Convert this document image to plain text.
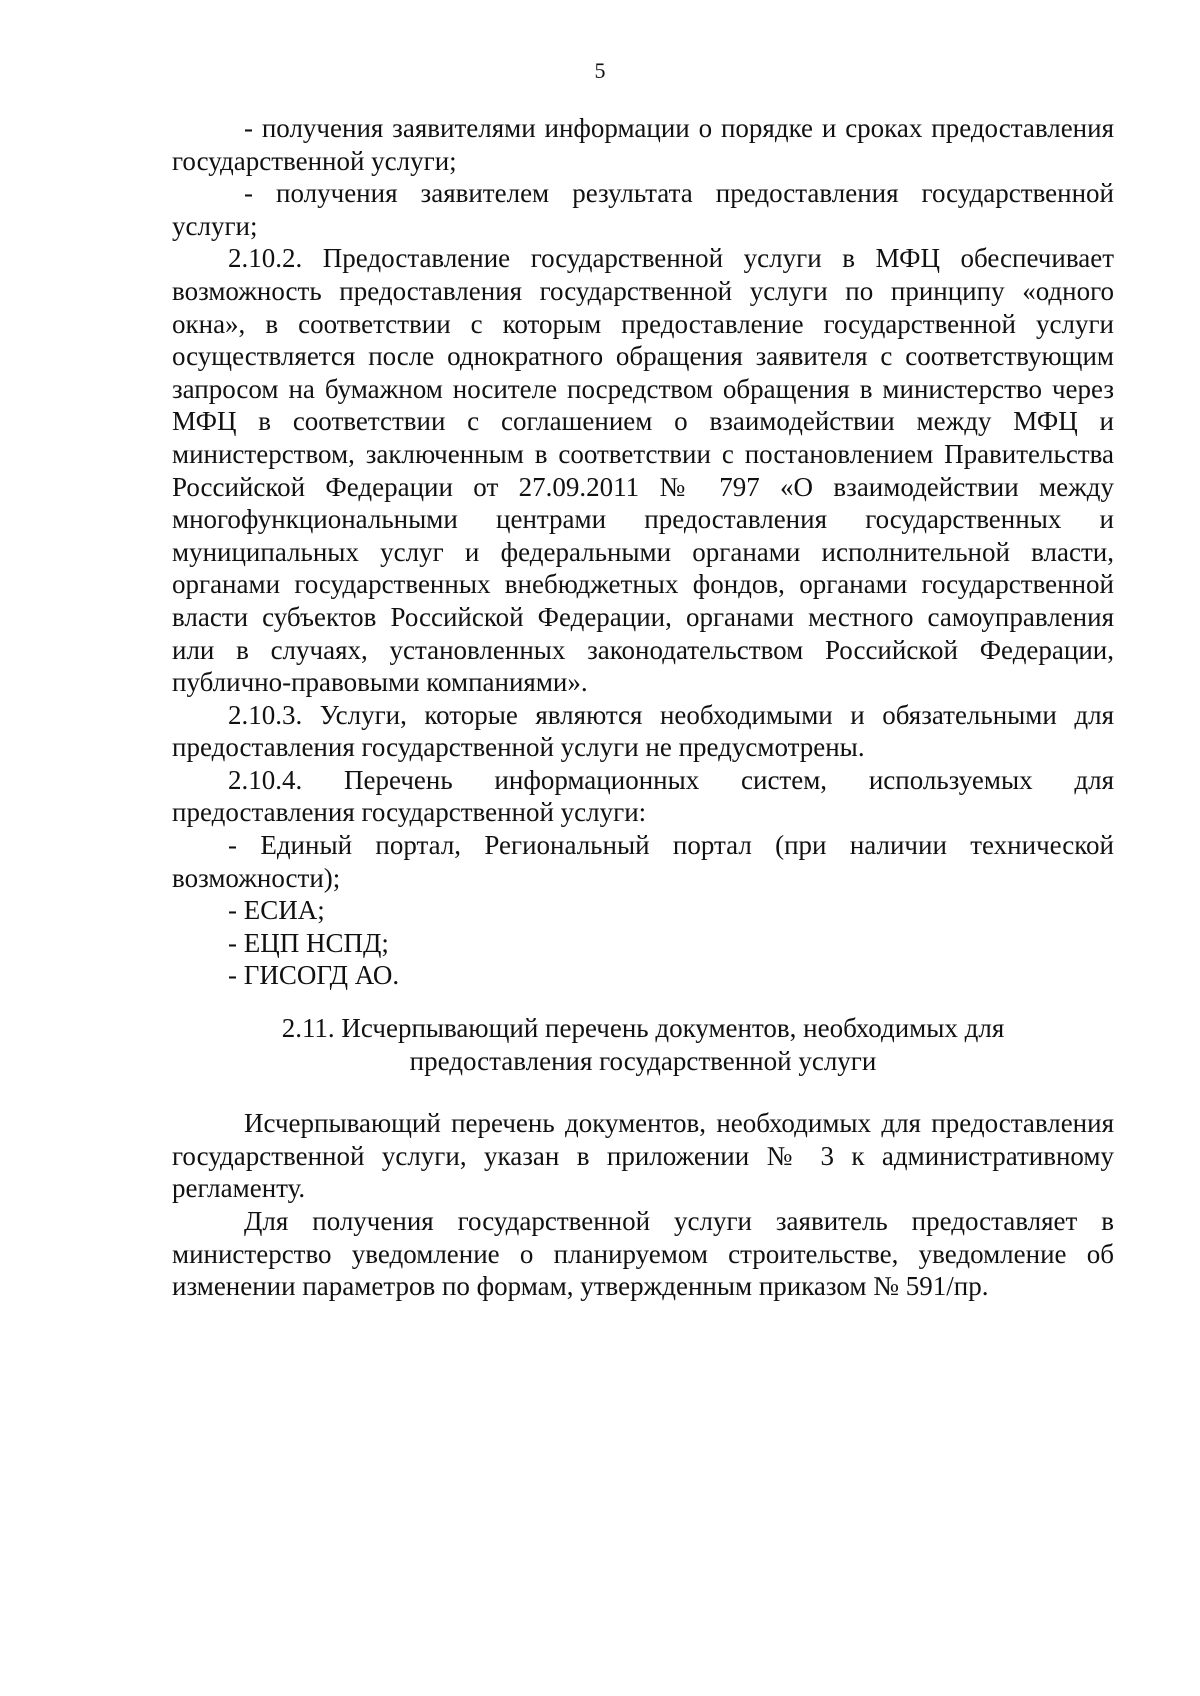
5

- получения заявителями информации о порядке и сроках предоставления государственной услуги;

- получения заявителем результата предоставления государственной услуги;

2.10.2. Предоставление государственной услуги в МФЦ обеспечивает возможность предоставления государственной услуги по принципу «одного окна», в соответствии с которым предоставление государственной услуги осуществляется после однократного обращения заявителя с соответствующим запросом на бумажном носителе посредством обращения в министерство через МФЦ в соответствии с соглашением о взаимодействии между МФЦ и министерством, заключенным в соответствии с постановлением Правительства Российской Федерации от 27.09.2011 № 797 «О взаимодействии между многофункциональными центрами предоставления государственных и муниципальных услуг и федеральными органами исполнительной власти, органами государственных внебюджетных фондов, органами государственной власти субъектов Российской Федерации, органами местного самоуправления или в случаях, установленных законодательством Российской Федерации, публично-правовыми компаниями».

2.10.3. Услуги, которые являются необходимыми и обязательными для предоставления государственной услуги не предусмотрены.

2.10.4. Перечень информационных систем, используемых для предоставления государственной услуги:

- Единый портал, Региональный портал (при наличии технической возможности);

- ЕСИА;

- ЕЦП НСПД;

- ГИСОГД АО.

2.11. Исчерпывающий перечень документов, необходимых для
предоставления государственной услуги

Исчерпывающий перечень документов, необходимых для предоставления государственной услуги, указан в приложении № 3 к административному регламенту.

Для получения государственной услуги заявитель предоставляет в министерство уведомление о планируемом строительстве, уведомление об изменении параметров по формам, утвержденным приказом № 591/пр.
